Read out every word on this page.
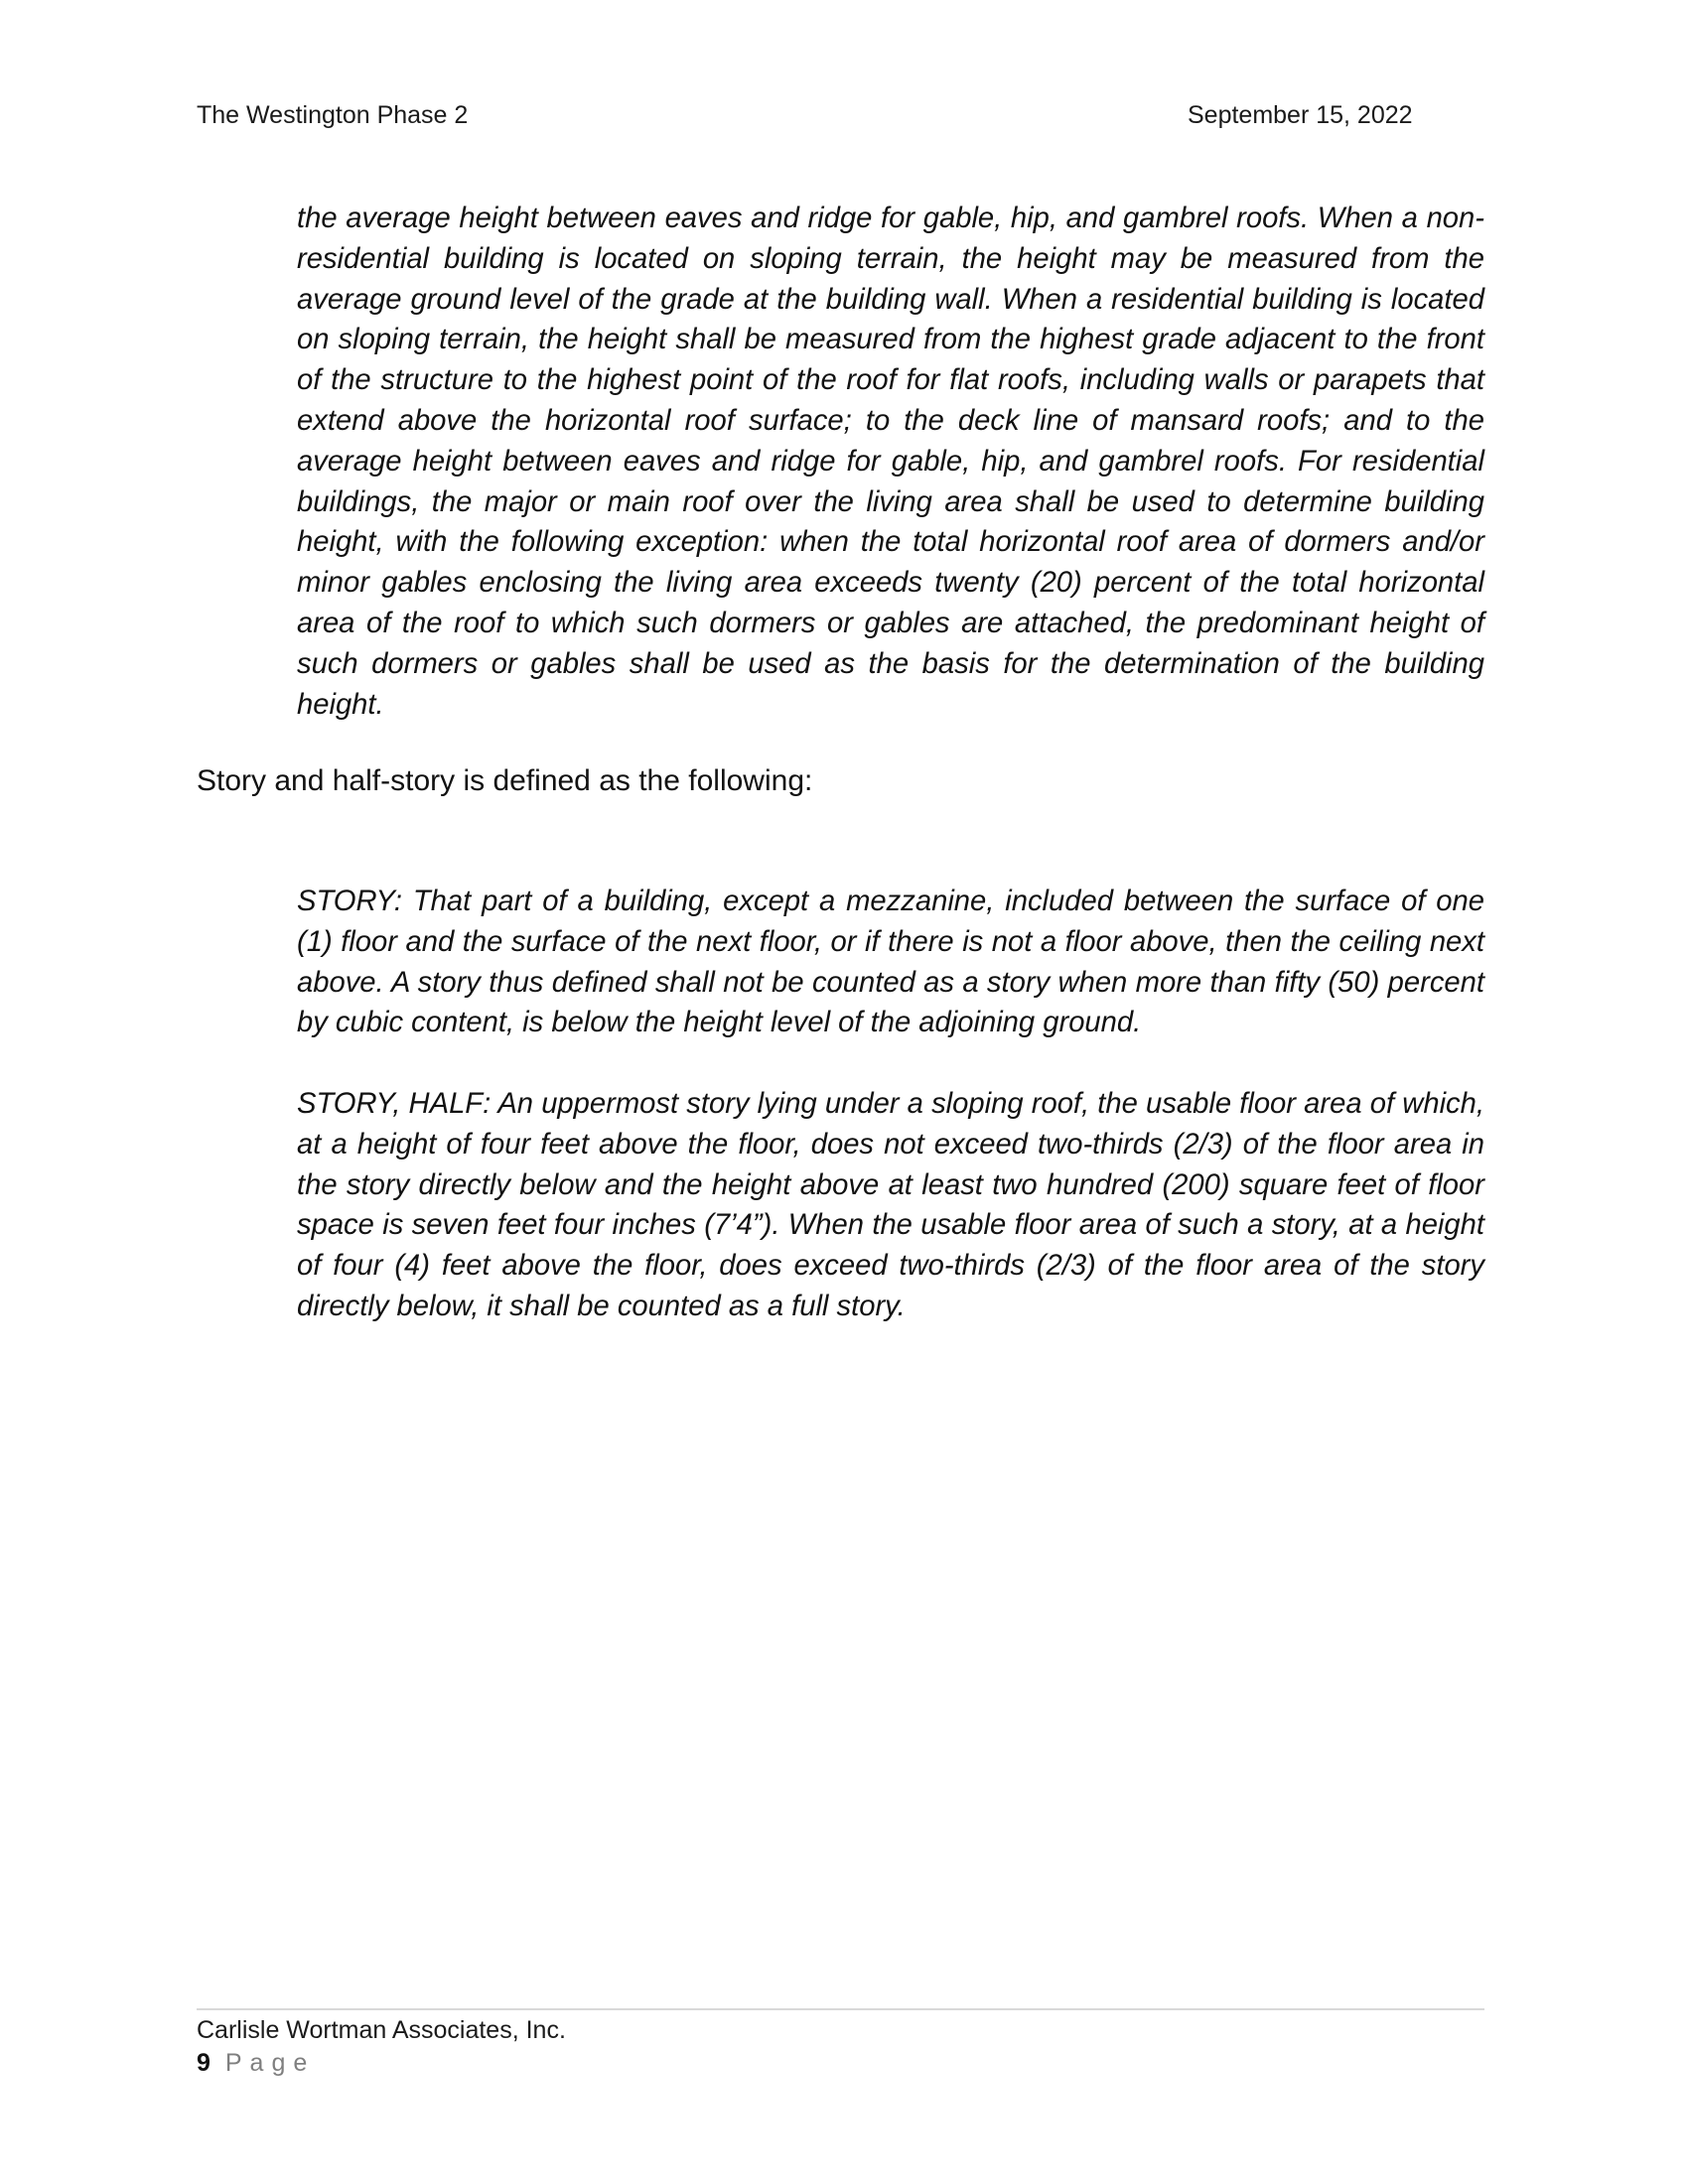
The Westington Phase 2	September 15, 2022
the average height between eaves and ridge for gable, hip, and gambrel roofs. When a non-residential building is located on sloping terrain, the height may be measured from the average ground level of the grade at the building wall. When a residential building is located on sloping terrain, the height shall be measured from the highest grade adjacent to the front of the structure to the highest point of the roof for flat roofs, including walls or parapets that extend above the horizontal roof surface; to the deck line of mansard roofs; and to the average height between eaves and ridge for gable, hip, and gambrel roofs. For residential buildings, the major or main roof over the living area shall be used to determine building height, with the following exception: when the total horizontal roof area of dormers and/or minor gables enclosing the living area exceeds twenty (20) percent of the total horizontal area of the roof to which such dormers or gables are attached, the predominant height of such dormers or gables shall be used as the basis for the determination of the building height.
Story and half-story is defined as the following:
STORY: That part of a building, except a mezzanine, included between the surface of one (1) floor and the surface of the next floor, or if there is not a floor above, then the ceiling next above. A story thus defined shall not be counted as a story when more than fifty (50) percent by cubic content, is below the height level of the adjoining ground.
STORY, HALF: An uppermost story lying under a sloping roof, the usable floor area of which, at a height of four feet above the floor, does not exceed two-thirds (2/3) of the floor area in the story directly below and the height above at least two hundred (200) square feet of floor space is seven feet four inches (7’4”). When the usable floor area of such a story, at a height of four (4) feet above the floor, does exceed two-thirds (2/3) of the floor area of the story directly below, it shall be counted as a full story.
Carlisle Wortman Associates, Inc.
9 Page
